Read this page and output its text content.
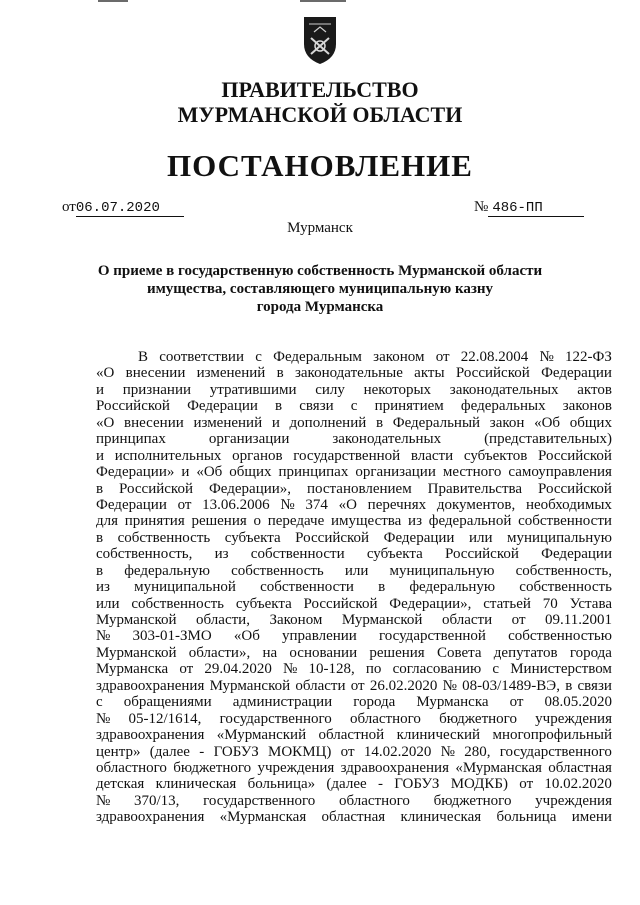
ПРАВИТЕЛЬСТВО
МУРМАНСКОЙ ОБЛАСТИ
ПОСТАНОВЛЕНИЕ
от06.07.2020	№ 486-ПП
Мурманск
О приеме в государственную собственность Мурманской области
имущества, составляющего муниципальную казну
города Мурманска
В соответствии с Федеральным законом от 22.08.2004 № 122-ФЗ
«О внесении изменений в законодательные акты Российской Федерации
и признании утратившими силу некоторых законодательных актов
Российской Федерации в связи с принятием федеральных законов
«О внесении изменений и дополнений в Федеральный закон «Об общих
принципах	организации	законодательных	(представительных)
и исполнительных органов государственной власти субъектов Российской
Федерации» и «Об общих принципах организации местного самоуправления
в Российской Федерации», постановлением Правительства Российской
Федерации от 13.06.2006 № 374 «О перечнях документов, необходимых
для принятия решения о передаче имущества из федеральной собственности
в собственность субъекта Российской Федерации или муниципальную
собственность, из собственности субъекта Российской Федерации
в федеральную собственность или муниципальную собственность,
из муниципальной собственности в федеральную собственность
или собственность субъекта Российской Федерации», статьей 70 Устава
Мурманской области, Законом Мурманской области от 09.11.2001
№ 303-01-ЗМО «Об управлении государственной собственностью
Мурманской области», на основании решения Совета депутатов города
Мурманска от 29.04.2020 № 10-128, по согласованию с Министерством
здравоохранения Мурманской области от 26.02.2020 № 08-03/1489-ВЭ, в связи
с обращениями администрации города Мурманска от 08.05.2020
№ 05-12/1614, государственного областного бюджетного учреждения
здравоохранения «Мурманский областной клинический многопрофильный
центр» (далее - ГОБУЗ МОКМЦ) от 14.02.2020 № 280, государственного
областного бюджетного учреждения здравоохранения «Мурманская областная
детская клиническая больница» (далее - ГОБУЗ МОДКБ) от 10.02.2020
№ 370/13, государственного областного бюджетного учреждения
здравоохранения «Мурманская областная клиническая больница имени
